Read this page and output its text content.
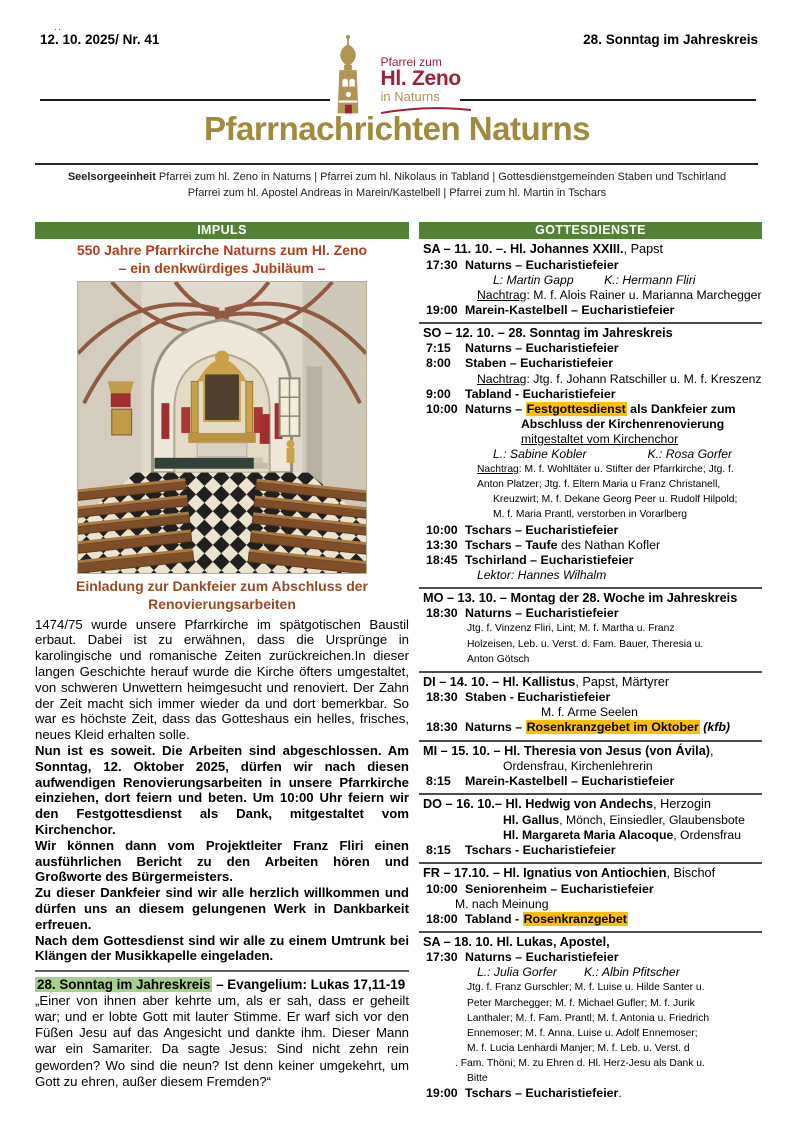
··
12. 10. 2025/ Nr. 41	28. Sonntag im Jahreskreis
Pfarrei zum
Hl. Zeno
in Naturns
Pfarrnachrichten Naturns
Seelsorgeeinheit Pfarrei zum hl. Zeno in Naturns | Pfarrei zum hl. Nikolaus in Tabland | Gottesdienstgemeinden Staben und Tschirland
Pfarrei zum hl. Apostel Andreas in Marein/Kastelbell | Pfarrei zum hl. Martin in Tschars
IMPULS
550 Jahre Pfarrkirche Naturns zum Hl. Zeno
– ein denkwürdiges Jubiläum –
Einladung zur Dankfeier zum Abschluss der
Renovierungsarbeiten

1474/75 wurde unsere Pfarrkirche im spätgotischen Baustil erbaut. Dabei ist zu erwähnen, dass die Ursprünge in karolingische und romanische Zeiten zurückreichen.In dieser langen Geschichte herauf wurde die Kirche öfters umgestaltet, von schweren Unwettern heimgesucht und renoviert. Der Zahn der Zeit macht sich immer wieder da und dort bemerkbar. So war es höchste Zeit, dass das Gotteshaus ein helles, frisches, neues Kleid erhalten solle.

Nun ist es soweit. Die Arbeiten sind abgeschlossen. Am Sonntag, 12. Oktober 2025, dürfen wir nach diesen aufwendigen Renovierungsarbeiten in unsere Pfarrkirche einziehen, dort feiern und beten. Um 10:00 Uhr feiern wir den Festgottesdienst als Dank, mitgestaltet vom Kirchenchor.

Wir können dann vom Projektleiter Franz Fliri einen ausführlichen Bericht zu den Arbeiten hören und Großworte des Bürgermeisters.

Zu dieser Dankfeier sind wir alle herzlich willkommen und dürfen uns an diesem gelungenen Werk in Dankbarkeit erfreuen.

Nach dem Gottesdienst sind wir alle zu einem Umtrunk bei Klängen der Musikkapelle eingeladen.

28. Sonntag im Jahreskreis – Evangelium: Lukas 17,11-19

„Einer von ihnen aber kehrte um, als er sah, dass er geheilt war; und er lobte Gott mit lauter Stimme. Er warf sich vor den Füßen Jesu auf das Angesicht und dankte ihm. Dieser Mann war ein Samariter. Da sagte Jesus: Sind nicht zehn rein geworden? Wo sind die neun? Ist denn keiner umgekehrt, um Gott zu ehren, außer diesem Fremden?“

GOTTESDIENSTE
SA – 11. 10. –. Hl. Johannes XXIII., Papst
17:30 Naturns – Eucharistiefeier
L: Martin Gapp         K.: Hermann Fliri
Nachtrag: M. f. Alois Rainer u. Marianna Marchegger
19:00 Marein-Kastelbell – Eucharistiefeier
SO – 12. 10. – 28. Sonntag im Jahreskreis
7:15	Naturns – Eucharistiefeier
8:00	Staben – Eucharistiefeier
Nachtrag: Jtg. f. Johann Ratschiller u. M. f. Kreszenz
9:00	Tabland - Eucharistiefeier
10:00 Naturns – Festgottesdienst als Dankfeier zum
Abschluss der Kirchenrenovierung
mitgestaltet vom Kirchenchor
L.: Sabine Kobler                  K.: Rosa Gorfer
Nachtrag: M. f. Wohltäter u. Stifter der Pfarrkirche; Jtg. f.
Anton Platzer; Jtg. f. Eltern Maria u Franz Christanell,
Kreuzwirt; M. f. Dekane Georg Peer u. Rudolf Hilpold;
M. f. Maria Prantl, verstorben in Vorarlberg
10:00 Tschars – Eucharistiefeier
13:30 Tschars – Taufe des Nathan Kofler
18:45 Tschirland – Eucharistiefeier
Lektor: Hannes Wilhalm
MO – 13. 10. – Montag der 28. Woche im Jahreskreis
18:30 Naturns – Eucharistiefeier
Jtg. f. Vinzenz Fliri, Lint; M. f. Martha u. Franz
Holzeisen, Leb. u. Verst. d. Fam. Bauer, Theresia u.
Anton Götsch
DI – 14. 10. – Hl. Kallistus, Papst, Märtyrer
18:30 Staben - Eucharistiefeier
M. f. Arme Seelen
18:30 Naturns – Rosenkranzgebet im Oktober (kfb)
MI – 15. 10. – Hl. Theresia von Jesus (von Ávila),
Ordensfrau, Kirchenlehrerin
8:15	Marein-Kastelbell – Eucharistiefeier
DO – 16. 10.– Hl. Hedwig von Andechs, Herzogin
Hl. Gallus, Mönch, Einsiedler, Glaubensbote
Hl. Margareta Maria Alacoque, Ordensfrau
8:15	Tschars - Eucharistiefeier
FR – 17.10. – Hl. Ignatius von Antiochien, Bischof
10:00 Seniorenheim – Eucharistiefeier
M. nach Meinung
18:00 Tabland - Rosenkranzgebet
SA – 18. 10. Hl. Lukas, Apostel,
17:30 Naturns – Eucharistiefeier
L.: Julia Gorfer        K.: Albin Pfitscher
Jtg. f. Franz Gurschler; M. f. Luise u. Hilde Santer u.
Peter Marchegger; M. f. Michael Gufler; M. f. Jurik
Lanthaler; M. f. Fam. Prantl; M. f. Antonia u. Friedrich
Ennemoser; M. f. Anna. Luise u. Adolf Ennemoser;
M. f. Lucia Lenhardi Manjer; M. f. Leb. u. Verst. d
. Fam. Thöni; M. zu Ehren d. Hl. Herz-Jesu als Dank u.
Bitte
19:00 Tschars – Eucharistiefeier.
